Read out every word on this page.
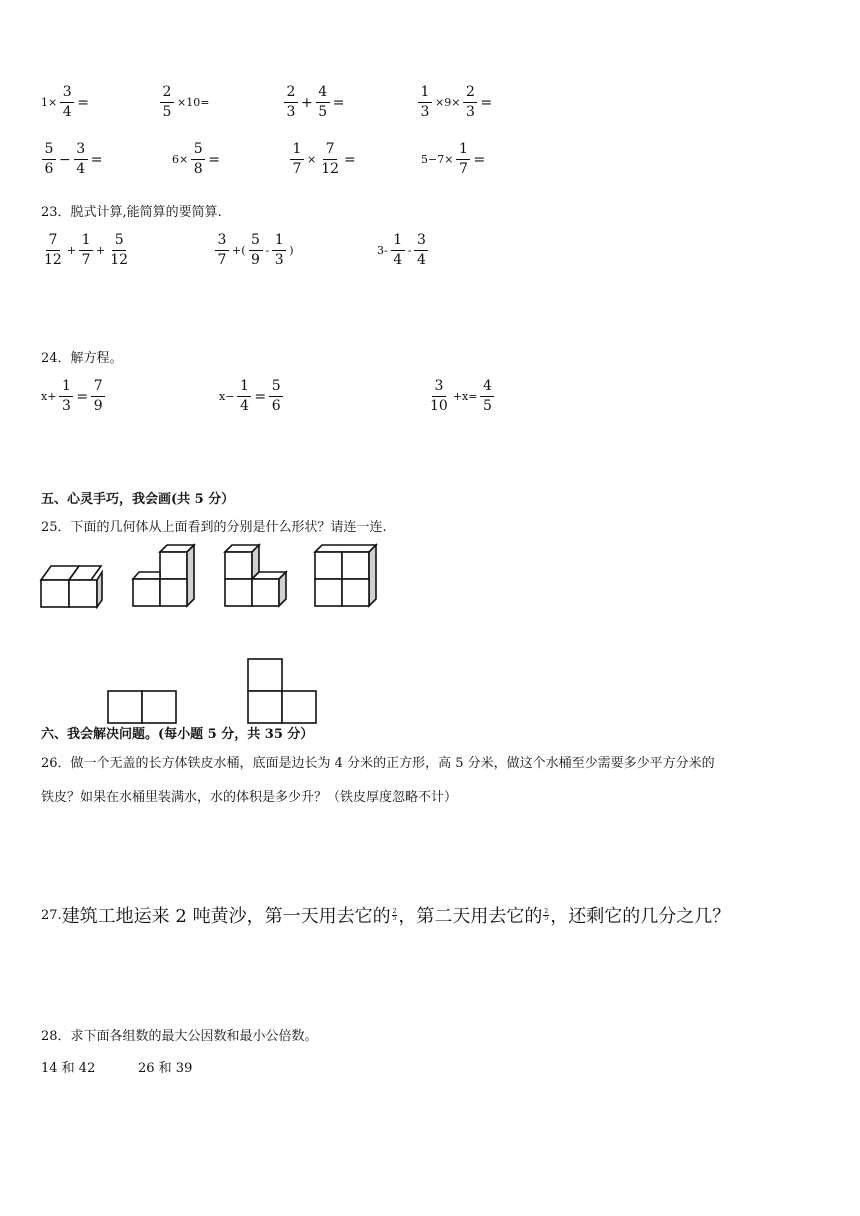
$1\times \frac{3}{4}$ =	$\frac{2}{5} \times 10=$	$\frac{2}{3} + \frac{4}{5}$ =	$\frac{1}{3} \times 9\times \frac{2}{3}$ =
$\frac{5}{6} - \frac{3}{4}$ =	$6\times \frac{5}{8}$ =	$\frac{1}{7} \times \frac{7}{12}$ =	$5-7\times \frac{1}{7}$ =
23．脱式计算,能简算的要简算.
$\frac{7}{12} + \frac{1}{7} + \frac{5}{12}$	$\frac{3}{7}$ +( $\frac{5}{9} - \frac{1}{3}$ )	$3- \frac{1}{4} - \frac{3}{4}$
24．解方程。
$x+ \frac{1}{3} = \frac{7}{9}$	$x- \frac{1}{4} = \frac{5}{6}$	$\frac{3}{10} +x= \frac{4}{5}$
五、心灵手巧，我会画(共 5 分）
25．下面的几何体从上面看到的分别是什么形状？请连一连.
六、我会解决问题。(每小题 5 分，共 35 分）
26．做一个无盖的长方体铁皮水桶，底面是边长为 4 分米的正方形，高 5 分米，做这个水桶至少需要多少平方分米的
铁皮？如果在水桶里装满水，水的体积是多少升？（铁皮厚度忽略不计）
27. 建筑工地运来 2 吨黄沙，第一天用去它的 $\frac{2}{5}$ ，第二天用去它的 $\frac{2}{5}$ ，还剩它的几分之几？
28．求下面各组数的最大公因数和最小公倍数。
14 和 42	26 和 39
